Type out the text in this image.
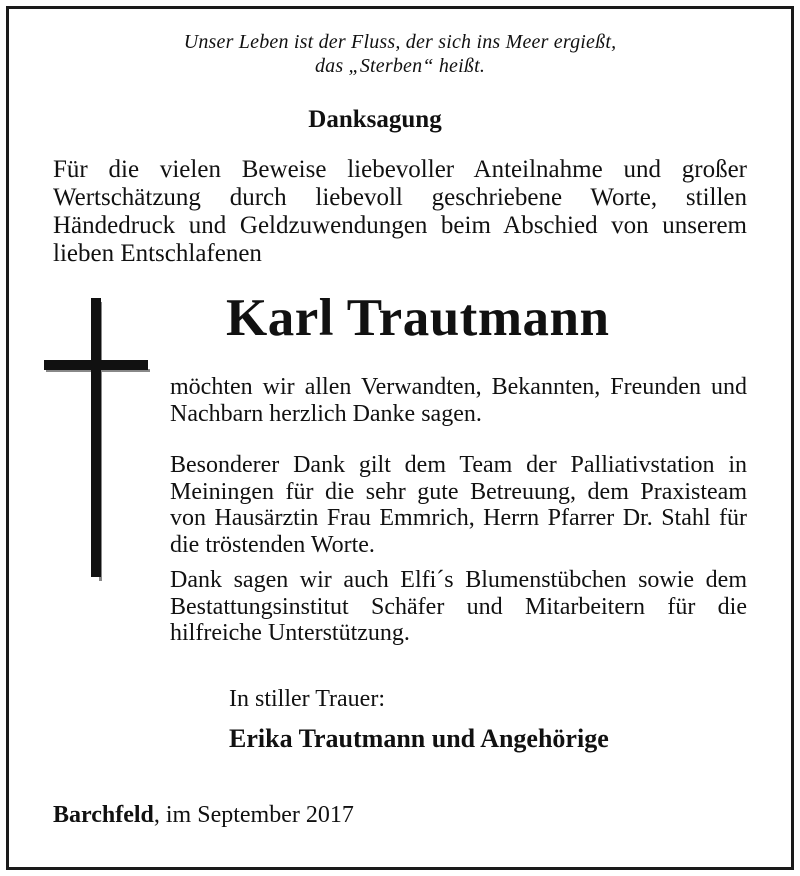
Unser Leben ist der Fluss, der sich ins Meer ergießt,
das „Sterben“ heißt.
Danksagung
Für die vielen Beweise liebevoller Anteilnahme und großer Wertschätzung durch liebevoll geschriebene Worte, stillen Händedruck und Geldzuwendungen beim Abschied von unserem lieben Entschlafenen
Karl Trautmann
möchten wir allen Verwandten, Bekannten, Freunden und Nachbarn herzlich Danke sagen.
Besonderer Dank gilt dem Team der Palliativstation in Meiningen für die sehr gute Betreuung, dem Praxisteam von Hausärztin Frau Emmrich, Herrn Pfarrer Dr. Stahl für die tröstenden Worte.
Dank sagen wir auch Elfi´s Blumenstübchen sowie dem Bestattungsinstitut Schäfer und Mitarbeitern für die hilfreiche Unterstützung.
In stiller Trauer:
Erika Trautmann und Angehörige
Barchfeld, im September 2017
